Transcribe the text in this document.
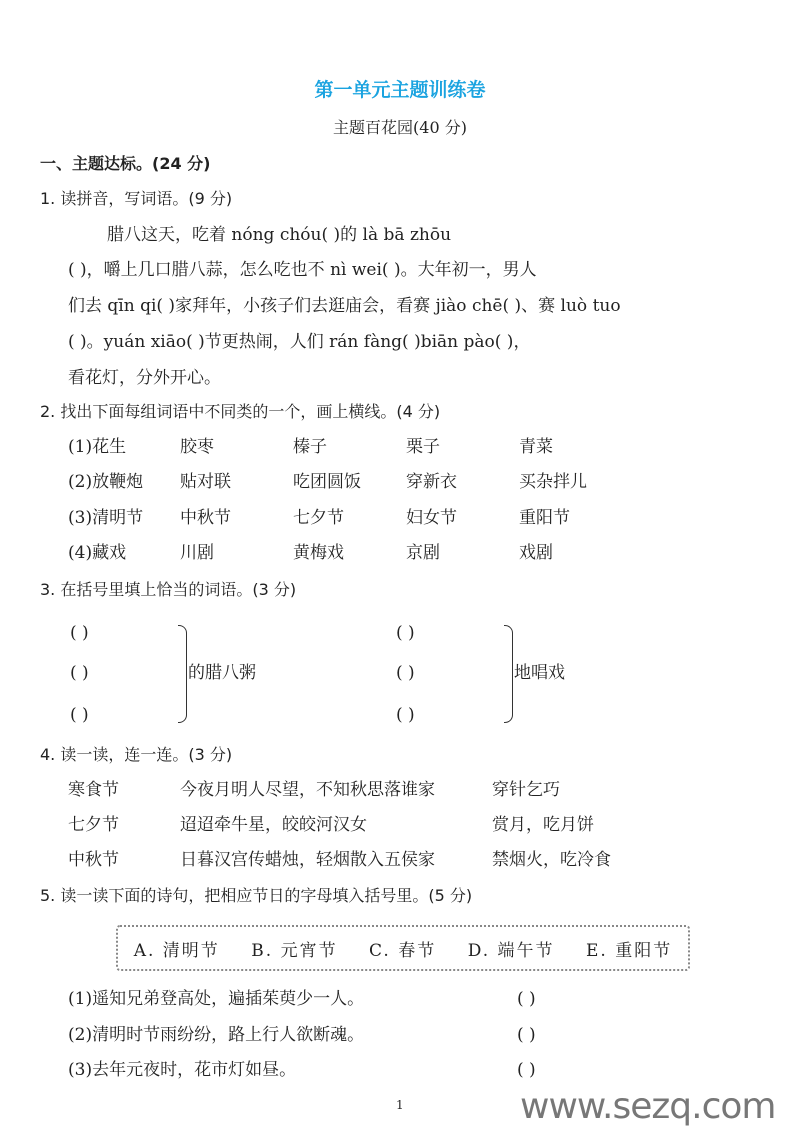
第一单元主题训练卷
主题百花园(40 分)
一、主题达标。(24 分)
1. 读拼音，写词语。(9 分)
腊八这天，吃着 nóng chóu( )的 là bā zhōu
( )，嚼上几口腊八蒜，怎么吃也不 nì wei( )。大年初一，男人
们去 qīn qi( )家拜年，小孩子们去逛庙会，看赛 jiào chē( )、赛 luò tuo
( )。yuán xiāo( )节更热闹，人们 rán fàng( )biān pào( )，
看花灯，分外开心。
2. 找出下面每组词语中不同类的一个，画上横线。(4 分)
(1)花生	胶枣	榛子	栗子	青菜
(2)放鞭炮 贴对联	吃团圆饭	穿新衣	买杂拌儿
(3)清明节 中秋节	七夕节	妇女节	重阳节
(4)藏戏	川剧	黄梅戏	京剧	戏剧
3. 在括号里填上恰当的词语。(3 分)
( )
( )
( )
的腊八粥
( )
( )
( )
地唱戏
4. 读一读，连一连。(3 分)
寒食节	今夜月明人尽望，不知秋思落谁家	穿针乞巧
七夕节	迢迢牵牛星，皎皎河汉女	赏月，吃月饼
中秋节	日暮汉宫传蜡烛，轻烟散入五侯家	禁烟火，吃冷食
5. 读一读下面的诗句，把相应节日的字母填入括号里。(5 分)
A. 清明节 B. 元宵节 C. 春节 D. 端午节 E. 重阳节
(1)遥知兄弟登高处，遍插茱萸少一人。	( )
(2)清明时节雨纷纷，路上行人欲断魂。	( )
(3)去年元夜时，花市灯如昼。	( )
www.sezq.com
1
